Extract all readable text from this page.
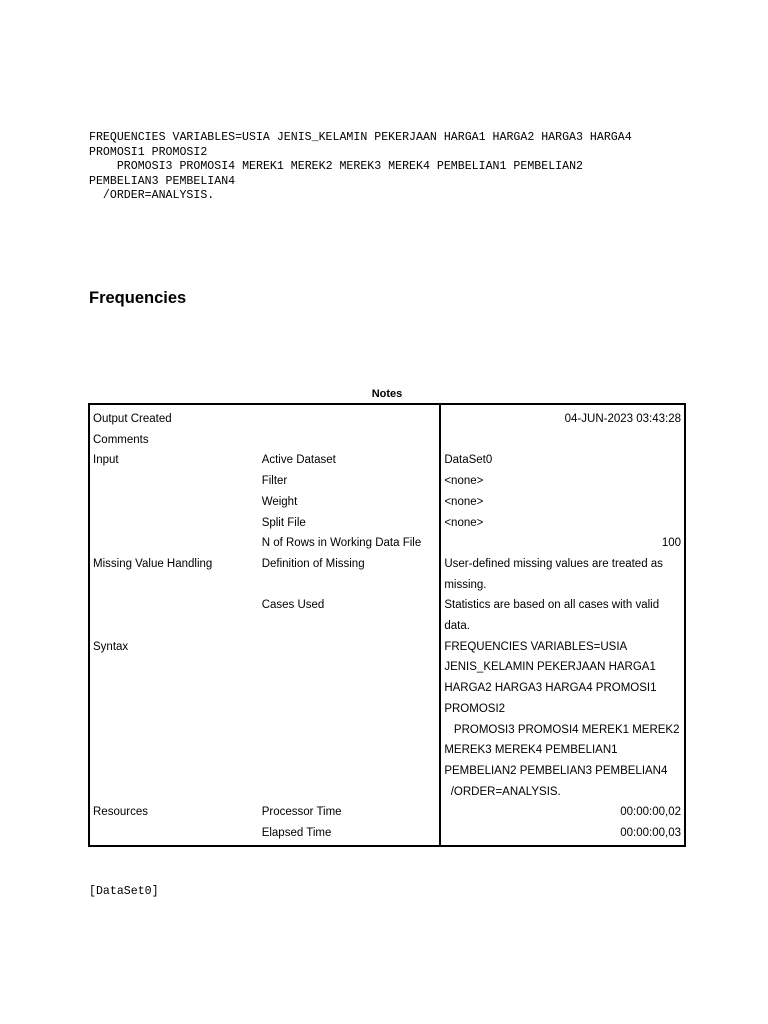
FREQUENCIES VARIABLES=USIA JENIS_KELAMIN PEKERJAAN HARGA1 HARGA2 HARGA3 HARGA4
PROMOSI1 PROMOSI2
PROMOSI3 PROMOSI4 MEREK1 MEREK2 MEREK3 MEREK4 PEMBELIAN1 PEMBELIAN2
PEMBELIAN3 PEMBELIAN4
/ORDER=ANALYSIS.
Frequencies
Notes
Output Created		04-JUN-2023 03:43:28
Comments		
Input	Active Dataset	DataSet0
	Filter	<none>
	Weight	<none>
	Split File	<none>
	N of Rows in Working Data File	100
Missing Value Handling	Definition of Missing	User-defined missing values are treated as missing.
	Cases Used	Statistics are based on all cases with valid data.
Syntax		FREQUENCIES VARIABLES=USIA JENIS_KELAMIN PEKERJAAN HARGA1 HARGA2 HARGA3 HARGA4 PROMOSI1 PROMOSI2
PROMOSI3 PROMOSI4 MEREK1 MEREK2 MEREK3 MEREK4 PEMBELIAN1 PEMBELIAN2 PEMBELIAN3 PEMBELIAN4
/ORDER=ANALYSIS.
Resources	Processor Time	00:00:00,02
	Elapsed Time	00:00:00,03
[DataSet0]
